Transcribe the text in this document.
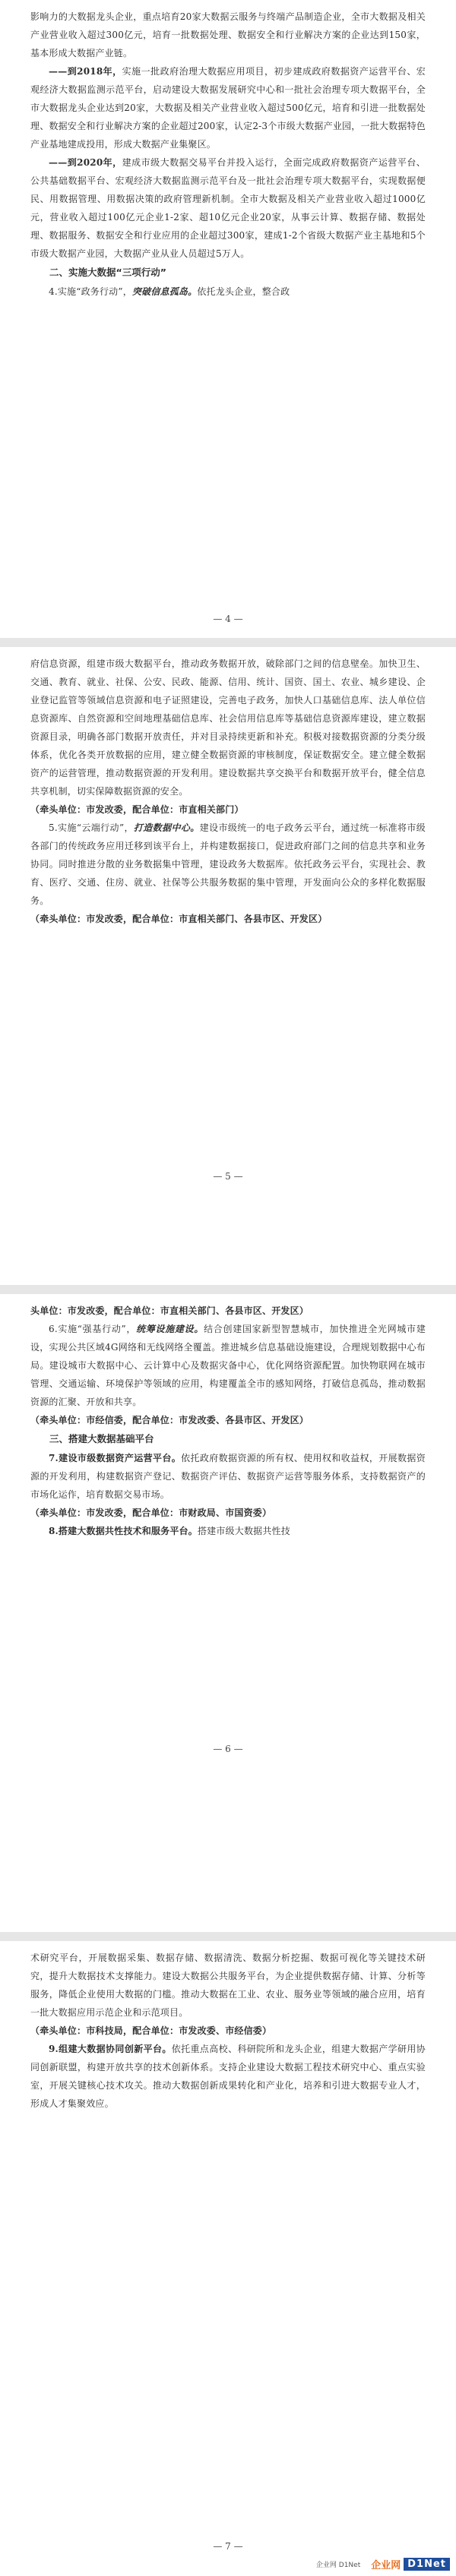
影响力的大数据龙头企业，重点培育20家大数据云服务与终端产品制造企业，全市大数据及相关产业营业收入超过300亿元，培育一批数据处理、数据安全和行业解决方案的企业达到150家，基本形成大数据产业链。

——到2018年，实施一批政府治理大数据应用项目，初步建成政府数据资产运营平台、宏观经济大数据监测示范平台，启动建设大数据发展研究中心和一批社会治理专项大数据平台，全市大数据龙头企业达到20家，大数据及相关产业营业收入超过500亿元，培育和引进一批数据处理、数据安全和行业解决方案的企业超过200家，认定2-3个市级大数据产业园，一批大数据特色产业基地建成投用，形成大数据产业集聚区。

——到2020年，建成市级大数据交易平台并投入运行，全面完成政府数据资产运营平台、公共基础数据平台、宏观经济大数据监测示范平台及一批社会治理专项大数据平台，实现数据便民、用数据管理、用数据决策的政府管理新机制。全市大数据及相关产业营业收入超过1000亿元，营业收入超过100亿元企业1-2家、超10亿元企业20家，从事云计算、数据存储、数据处理、数据服务、数据安全和行业应用的企业超过300家，建成1-2个省级大数据产业主基地和5个市级大数据产业园，大数据产业从业人员超过5万人。

二、实施大数据“三项行动”

4.实施“政务行动”，突破信息孤岛。依托龙头企业，整合政

— 4 —

府信息资源，组建市级大数据平台，推动政务数据开放，破除部门之间的信息壁垒。加快卫生、交通、教育、就业、社保、公安、民政、能源、信用、统计、国资、国土、农业、城乡建设、企业登记监管等领域信息资源和电子证照建设，完善电子政务，加快人口基础信息库、法人单位信息资源库、自然资源和空间地理基础信息库、社会信用信息库等基础信息资源库建设，建立数据资源目录，明确各部门数据开放责任，并对目录持续更新和补充。积极对接数据资源的分类分级体系，优化各类开放数据的应用，建立健全数据资源的审核制度，保证数据安全。建立健全数据资产的运营管理，推动数据资源的开发利用。建设数据共享交换平台和数据开放平台，健全信息共享机制，切实保障数据资源的安全。

（牵头单位：市发改委，配合单位：市直相关部门）

5.实施“云端行动”，打造数据中心。建设市级统一的电子政务云平台，通过统一标准将市级各部门的传统政务应用迁移到该平台上，并构建数据接口，促进政府部门之间的信息共享和业务协同。同时推进分散的业务数据集中管理，建设政务大数据库。依托政务云平台，实现社会、教育、医疗、交通、住房、就业、社保等公共服务数据的集中管理，开发面向公众的多样化数据服务。

（牵头单位：市发改委，配合单位：市直相关部门、各县市区、开发区）

— 5 —

头单位：市发改委，配合单位：市直相关部门、各县市区、开发区）

6.实施“强基行动”，统筹设施建设。结合创建国家新型智慧城市，加快推进全光网城市建设，实现公共区域4G网络和无线网络全覆盖。推进城乡信息基础设施建设，合理规划数据中心布局。建设城市大数据中心、云计算中心及数据灾备中心，优化网络资源配置。加快物联网在城市管理、交通运输、环境保护等领域的应用，构建覆盖全市的感知网络，打破信息孤岛，推动数据资源的汇聚、开放和共享。

（牵头单位：市经信委，配合单位：市发改委、各县市区、开发区）

三、搭建大数据基础平台

7.建设市级数据资产运营平台。依托政府数据资源的所有权、使用权和收益权，开展数据资源的开发利用，构建数据资产登记、数据资产评估、数据资产运营等服务体系，支持数据资产的市场化运作，培育数据交易市场。

（牵头单位：市发改委，配合单位：市财政局、市国资委）

8.搭建大数据共性技术和服务平台。搭建市级大数据共性技

— 6 —

术研究平台，开展数据采集、数据存储、数据清洗、数据分析挖掘、数据可视化等关键技术研究，提升大数据技术支撑能力。建设大数据公共服务平台，为企业提供数据存储、计算、分析等服务，降低企业使用大数据的门槛。推动大数据在工业、农业、服务业等领域的融合应用，培育一批大数据应用示范企业和示范项目。

（牵头单位：市科技局，配合单位：市发改委、市经信委）

9.组建大数据协同创新平台。依托重点高校、科研院所和龙头企业，组建大数据产学研用协同创新联盟，构建开放共享的技术创新体系。支持企业建设大数据工程技术研究中心、重点实验室，开展关键核心技术攻关。推动大数据创新成果转化和产业化，培养和引进大数据专业人才，形成人才集聚效应。

— 7 —
企业网 D1Net 企业网 D1Net
